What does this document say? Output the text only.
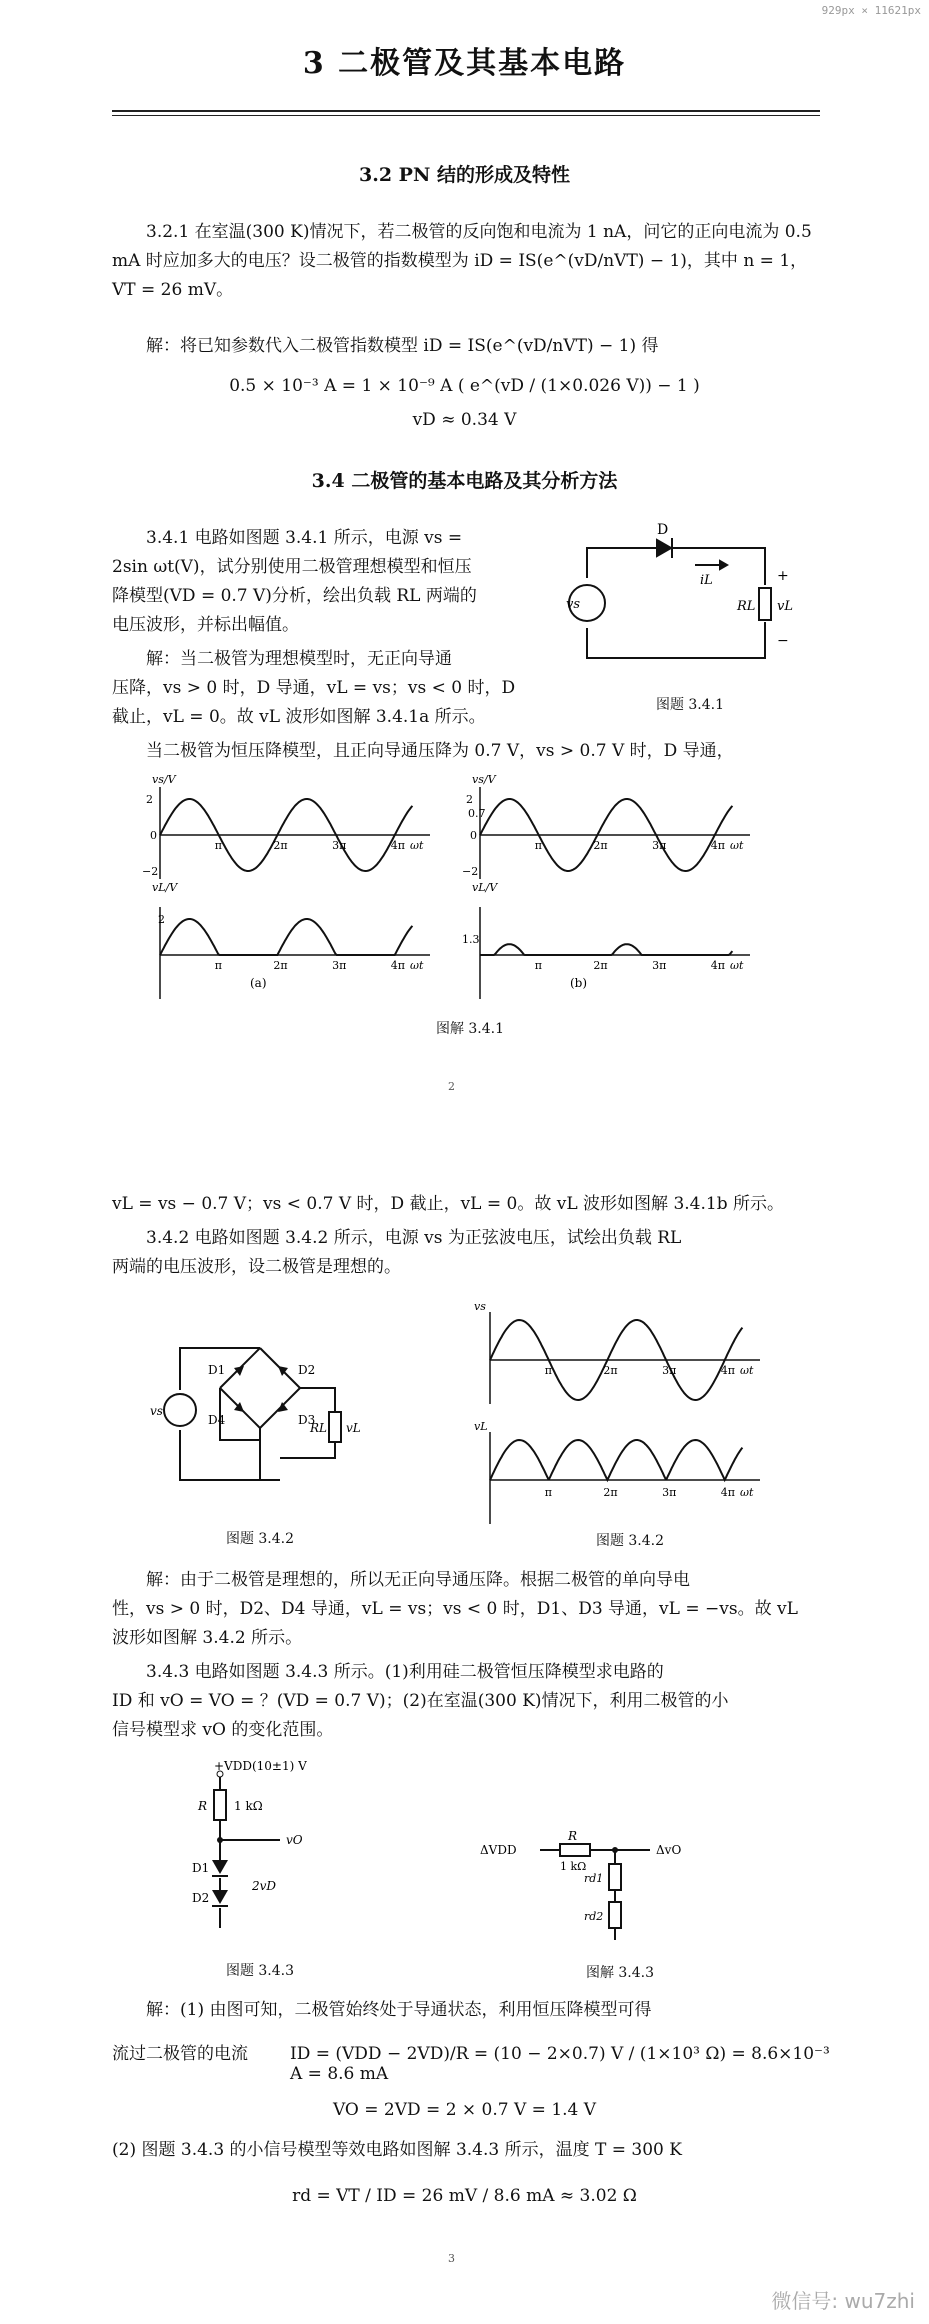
929px × 11621px
3 二极管及其基本电路
3.2 PN 结的形成及特性
3.2.1 在室温(300 K)情况下，若二极管的反向饱和电流为 1 nA，问它的正向电流为 0.5 mA 时应加多大的电压？设二极管的指数模型为 iD = IS(e^(vD/nVT) − 1)，其中 n = 1，VT = 26 mV。
解：将已知参数代入二极管指数模型 iD = IS(e^(vD/nVT) − 1) 得
0.5 × 10⁻³ A = 1 × 10⁻⁹ A ( e^(vD / (1×0.026 V)) − 1 )
vD ≈ 0.34 V
3.4 二极管的基本电路及其分析方法
3.4.1 电路如图题 3.4.1 所示，电源 vs =
2sin ωt(V)，试分别使用二极管理想模型和恒压
降模型(VD = 0.7 V)分析，绘出负载 RL 两端的
电压波形，并标出幅值。
解：当二极管为理想模型时，无正向导通
压降，vs > 0 时，D 导通，vL = vs；vs < 0 时，D
截止，vL = 0。故 vL 波形如图解 3.4.1a 所示。
当二极管为恒压降模型，且正向导通压降为 0.7 V，vs > 0.7 V 时，D 导通，
D
iL
RL vL
+
−
vs
图题 3.4.1
π	2π	3π	4π ωt
2
−2
0
vs/V
π	2π	3π	4π ωt
2
−2
0
vs/V
0.7
π	2π	3π	4π ωt
vL/V
(a)
π	2π	3π	4π ωt
vL/V
(b)
2
1.3
图解 3.4.1
2
vL = vs − 0.7 V；vs < 0.7 V 时，D 截止，vL = 0。故 vL 波形如图解 3.4.1b 所示。
3.4.2 电路如图题 3.4.2 所示，电源 vs 为正弦波电压，试绘出负载 RL
两端的电压波形，设二极管是理想的。
D1	D2
D4	D3
RL vL
vs
图题 3.4.2
π
π
2π
2π
3π
3π
4π
4π
vs
vL
ωt
ωt
图题 3.4.2
解：由于二极管是理想的，所以无正向导通压降。根据二极管的单向导电
性，vs > 0 时，D2、D4 导通，vL = vs；vs < 0 时，D1、D3 导通，vL = −vs。故 vL
波形如图解 3.4.2 所示。
3.4.3 电路如图题 3.4.3 所示。(1)利用硅二极管恒压降模型求电路的
ID 和 vO = VO = ？(VD = 0.7 V)；(2)在室温(300 K)情况下，利用二极管的小
信号模型求 vO 的变化范围。
+VDD(10±1) V
R 1 kΩ
vO
D1
D2
2vD
图题 3.4.3
ΔVDD
R
1 kΩ
ΔvO
rd1
rd2
图解 3.4.3
解：(1) 由图可知，二极管始终处于导通状态，利用恒压降模型可得
流过二极管的电流 ID = (VDD − 2VD)/R = (10 − 2×0.7) V / (1×10³ Ω) = 8.6×10⁻³ A = 8.6 mA
VO = 2VD = 2 × 0.7 V = 1.4 V
(2) 图题 3.4.3 的小信号模型等效电路如图解 3.4.3 所示，温度 T = 300 K
rd = VT / ID = 26 mV / 8.6 mA ≈ 3.02 Ω
3
微信号: wu7zhi
